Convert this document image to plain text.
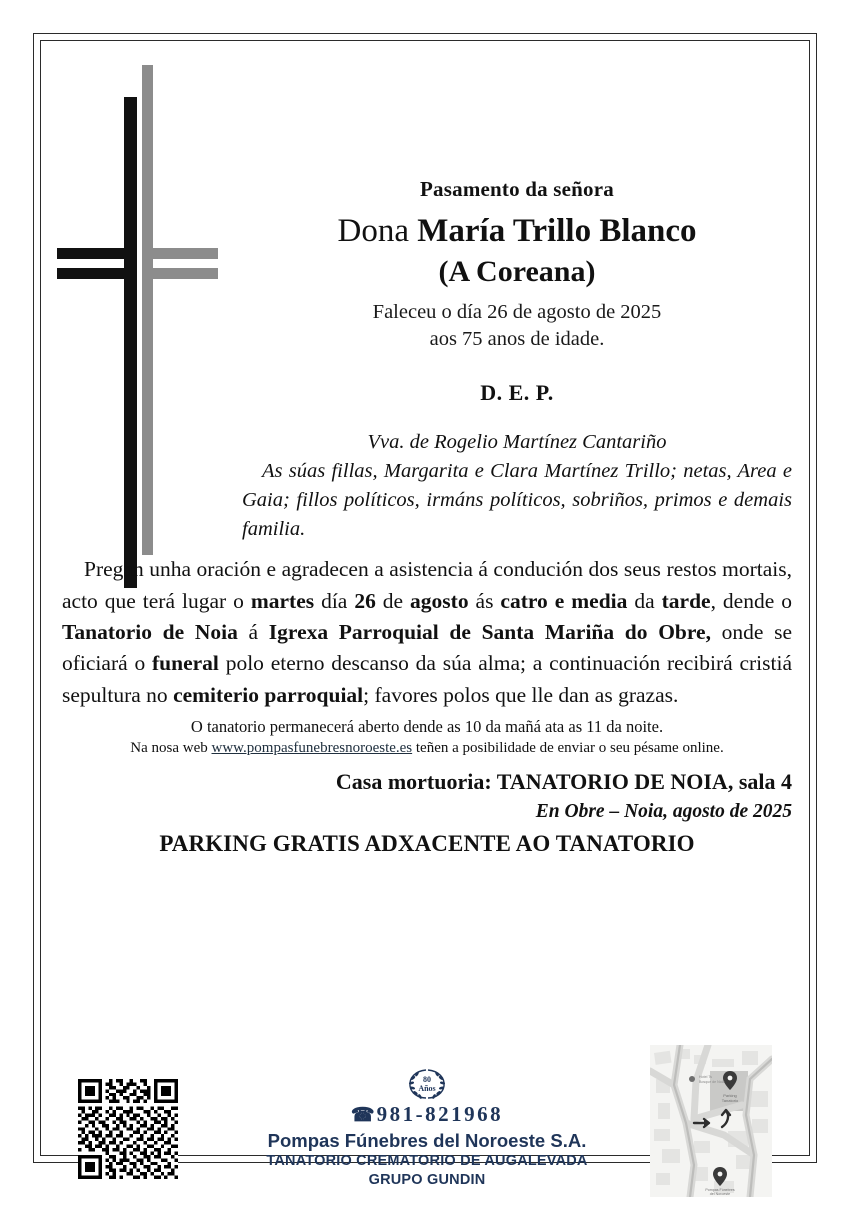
Pasamento da señora
Dona María Trillo Blanco
(A Coreana)
Faleceu o día 26 de agosto de 2025
aos 75 anos de idade.
D. E. P.
Vva. de Rogelio Martínez Cantariño
As súas fillas, Margarita e Clara Martínez Trillo; netas, Area e Gaia; fillos políticos, irmáns políticos, sobriños, primos e demais familia.
Pregan unha oración e agradecen a asistencia á condución dos seus restos mortais, acto que terá lugar o martes día 26 de agosto ás catro e media da tarde, dende o Tanatorio de Noia á Igrexa Parroquial de Santa Mariña do Obre, onde se oficiará o funeral polo eterno descanso da súa alma; a continuación recibirá cristiá sepultura no cemiterio parroquial; favores polos que lle dan as grazas.
O tanatorio permanecerá aberto dende as 10 da mañá ata as 11 da noite.
Na nosa web www.pompasfunebresnoroeste.es teñen a posibilidade de enviar o seu pésame online.
Casa mortuoria: TANATORIO DE NOIA, sala 4
En Obre – Noia, agosto de 2025
PARKING GRATIS ADXACENTE AO TANATORIO
80
Años
☎981-821968
Pompas Fúnebres del Noroeste S.A.
TANATORIO CREMATORIO DE AUGALEVADA
GRUPO GUNDIN
Parking
Tanatorio
Pompas Fúnebres
del Noroeste
Hotel Ts
Bosque de Noia
